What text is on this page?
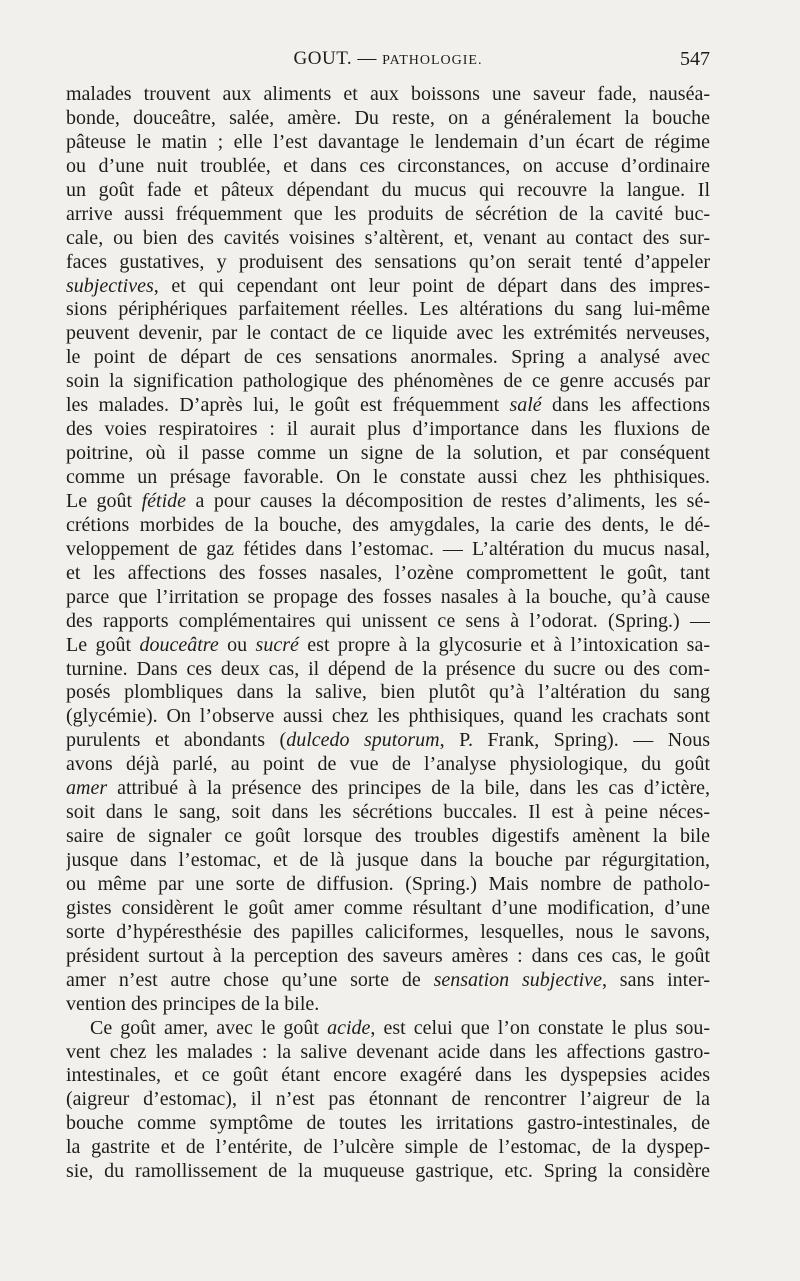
GOUT. — PATHOLOGIE.	547
malades trouvent aux aliments et aux boissons une saveur fade, nauséa-
bonde, douceâtre, salée, amère. Du reste, on a généralement la bouche
pâteuse le matin ; elle l’est davantage le lendemain d’un écart de régime
ou d’une nuit troublée, et dans ces circonstances, on accuse d’ordinaire
un goût fade et pâteux dépendant du mucus qui recouvre la langue. Il
arrive aussi fréquemment que les produits de sécrétion de la cavité buc-
cale, ou bien des cavités voisines s’altèrent, et, venant au contact des sur-
faces gustatives, y produisent des sensations qu’on serait tenté d’appeler
subjectives, et qui cependant ont leur point de départ dans des impres-
sions périphériques parfaitement réelles. Les altérations du sang lui-même
peuvent devenir, par le contact de ce liquide avec les extrémités nerveuses,
le point de départ de ces sensations anormales. Spring a analysé avec
soin la signification pathologique des phénomènes de ce genre accusés par
les malades. D’après lui, le goût est fréquemment salé dans les affections
des voies respiratoires : il aurait plus d’importance dans les fluxions de
poitrine, où il passe comme un signe de la solution, et par conséquent
comme un présage favorable. On le constate aussi chez les phthisiques.
Le goût fétide a pour causes la décomposition de restes d’aliments, les sé-
crétions morbides de la bouche, des amygdales, la carie des dents, le dé-
veloppement de gaz fétides dans l’estomac. — L’altération du mucus nasal,
et les affections des fosses nasales, l’ozène compromettent le goût, tant
parce que l’irritation se propage des fosses nasales à la bouche, qu’à cause
des rapports complémentaires qui unissent ce sens à l’odorat. (Spring.) —
Le goût douceâtre ou sucré est propre à la glycosurie et à l’intoxication sa-
turnine. Dans ces deux cas, il dépend de la présence du sucre ou des com-
posés plombliques dans la salive, bien plutôt qu’à l’altération du sang
(glycémie). On l’observe aussi chez les phthisiques, quand les crachats sont
purulents et abondants (dulcedo sputorum, P. Frank, Spring). — Nous
avons déjà parlé, au point de vue de l’analyse physiologique, du goût
amer attribué à la présence des principes de la bile, dans les cas d’ictère,
soit dans le sang, soit dans les sécrétions buccales. Il est à peine néces-
saire de signaler ce goût lorsque des troubles digestifs amènent la bile
jusque dans l’estomac, et de là jusque dans la bouche par régurgitation,
ou même par une sorte de diffusion. (Spring.) Mais nombre de patholo-
gistes considèrent le goût amer comme résultant d’une modification, d’une
sorte d’hypéresthésie des papilles caliciformes, lesquelles, nous le savons,
président surtout à la perception des saveurs amères : dans ces cas, le goût
amer n’est autre chose qu’une sorte de sensation subjective, sans inter-
vention des principes de la bile.
Ce goût amer, avec le goût acide, est celui que l’on constate le plus sou-
vent chez les malades : la salive devenant acide dans les affections gastro-
intestinales, et ce goût étant encore exagéré dans les dyspepsies acides
(aigreur d’estomac), il n’est pas étonnant de rencontrer l’aigreur de la
bouche comme symptôme de toutes les irritations gastro-intestinales, de
la gastrite et de l’entérite, de l’ulcère simple de l’estomac, de la dyspep-
sie, du ramollissement de la muqueuse gastrique, etc. Spring la considère
